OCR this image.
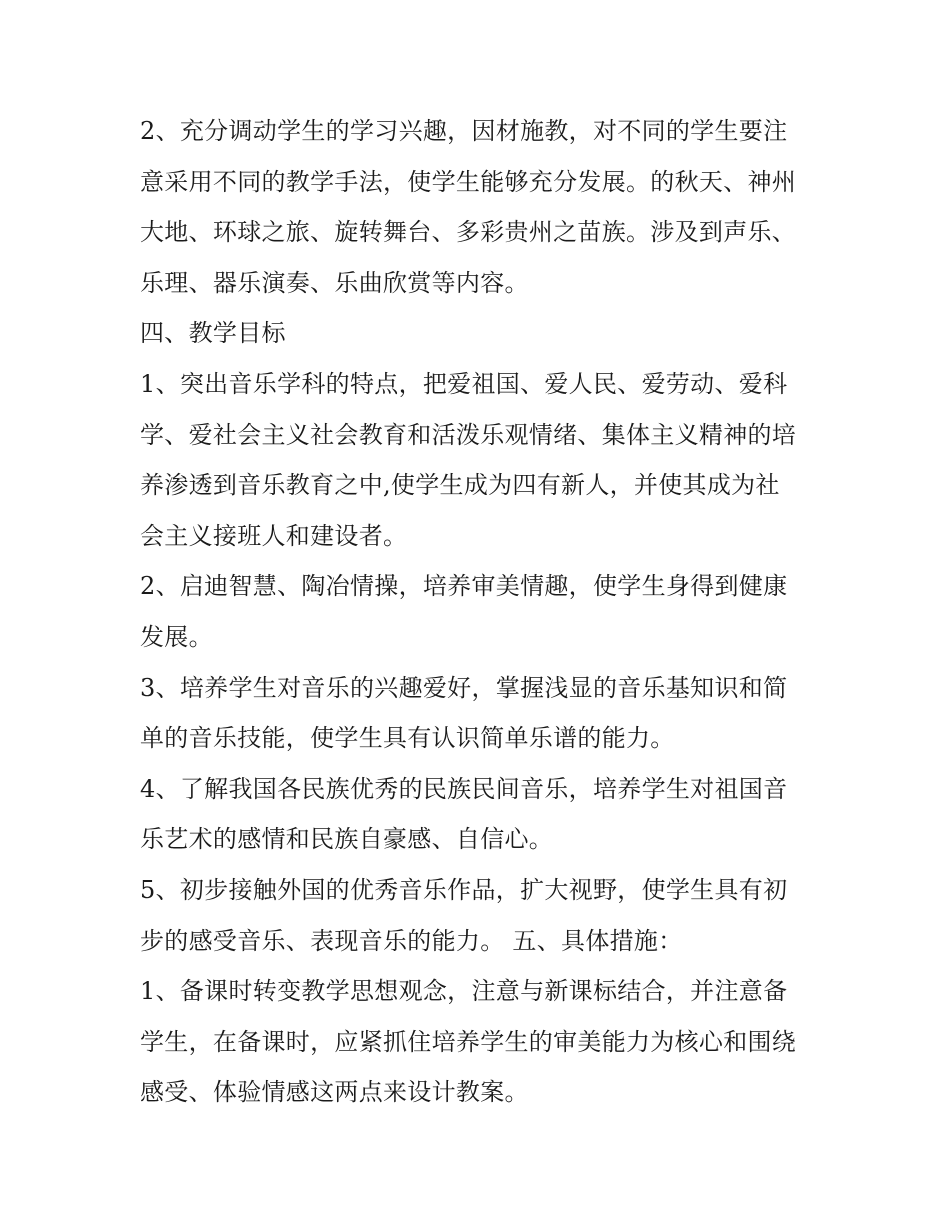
2、充分调动学生的学习兴趣，因材施教，对不同的学生要注
意采用不同的教学手法，使学生能够充分发展。的秋天、神州
大地、环球之旅、旋转舞台、多彩贵州之苗族。涉及到声乐、
乐理、器乐演奏、乐曲欣赏等内容。
四、教学目标
1、突出音乐学科的特点，把爱祖国、爱人民、爱劳动、爱科
学、爱社会主义社会教育和活泼乐观情绪、集体主义精神的培
养渗透到音乐教育之中,使学生成为四有新人，并使其成为社
会主义接班人和建设者。
2、启迪智慧、陶冶情操，培养审美情趣，使学生身得到健康
发展。
3、培养学生对音乐的兴趣爱好，掌握浅显的音乐基知识和简
单的音乐技能，使学生具有认识简单乐谱的能力。
4、了解我国各民族优秀的民族民间音乐，培养学生对祖国音
乐艺术的感情和民族自豪感、自信心。
5、初步接触外国的优秀音乐作品，扩大视野，使学生具有初
步的感受音乐、表现音乐的能力。 五、具体措施：
1、备课时转变教学思想观念，注意与新课标结合，并注意备
学生，在备课时，应紧抓住培养学生的审美能力为核心和围绕
感受、体验情感这两点来设计教案。
